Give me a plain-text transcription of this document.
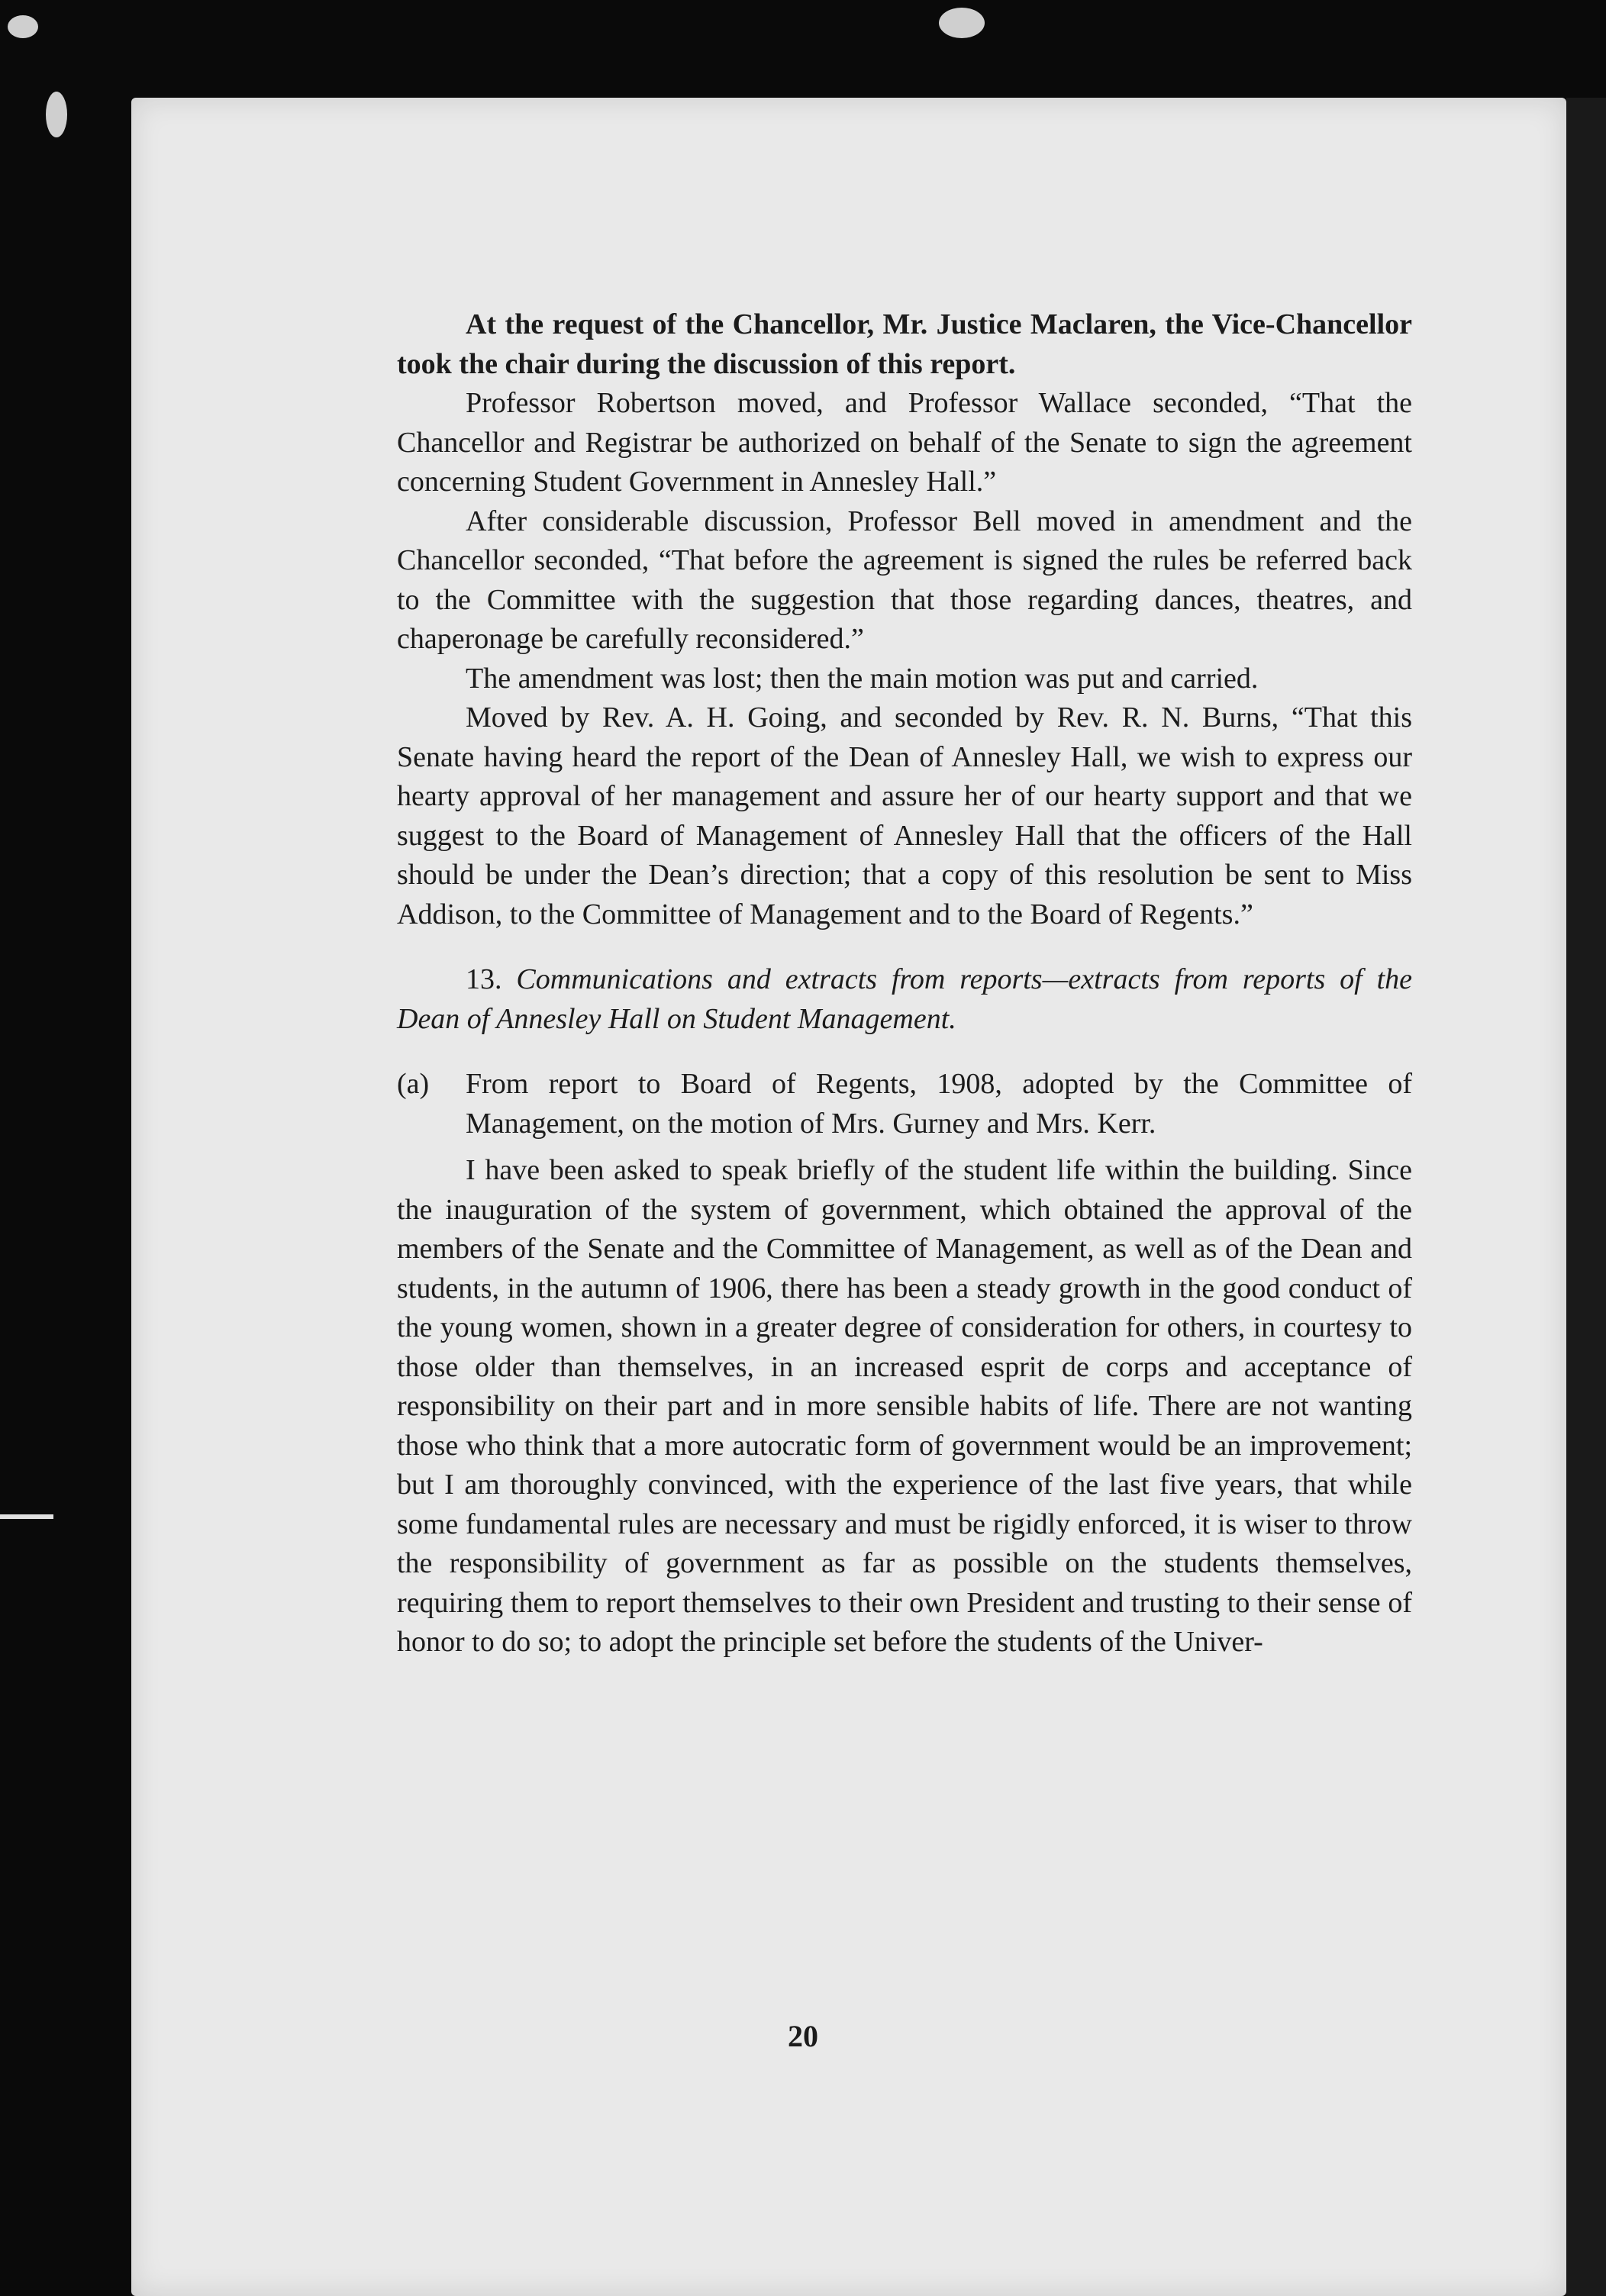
At the request of the Chancellor, Mr. Justice Maclaren, the Vice-Chancellor took the chair during the discussion of this report.

Professor Robertson moved, and Professor Wallace seconded, “That the Chancellor and Registrar be authorized on behalf of the Senate to sign the agreement concerning Student Government in Annesley Hall.”

After considerable discussion, Professor Bell moved in amendment and the Chancellor seconded, “That before the agreement is signed the rules be referred back to the Committee with the suggestion that those regarding dances, theatres, and chaperonage be carefully reconsidered.”

The amendment was lost; then the main motion was put and carried.

Moved by Rev. A. H. Going, and seconded by Rev. R. N. Burns, “That this Senate having heard the report of the Dean of Annesley Hall, we wish to express our hearty approval of her management and assure her of our hearty support and that we suggest to the Board of Management of Annesley Hall that the officers of the Hall should be under the Dean’s direction; that a copy of this resolution be sent to Miss Addison, to the Committee of Management and to the Board of Regents.”

13. Communications and extracts from reports—extracts from reports of the Dean of Annesley Hall on Student Management.

(a) From report to Board of Regents, 1908, adopted by the Committee of Management, on the motion of Mrs. Gurney and Mrs. Kerr.

I have been asked to speak briefly of the student life within the building. Since the inauguration of the system of government, which obtained the approval of the members of the Senate and the Committee of Management, as well as of the Dean and students, in the autumn of 1906, there has been a steady growth in the good conduct of the young women, shown in a greater degree of consideration for others, in courtesy to those older than themselves, in an increased esprit de corps and acceptance of responsibility on their part and in more sensible habits of life. There are not wanting those who think that a more autocratic form of government would be an improvement; but I am thoroughly convinced, with the experience of the last five years, that while some fundamental rules are necessary and must be rigidly enforced, it is wiser to throw the responsibility of government as far as possible on the students themselves, requiring them to report themselves to their own President and trusting to their sense of honor to do so; to adopt the principle set before the students of the Univer-

20
